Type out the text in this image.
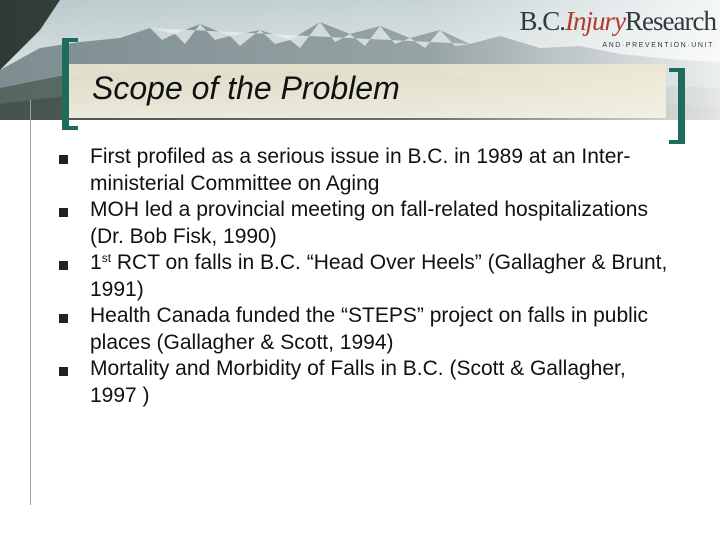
B.C.InjuryResearch
AND·PREVENTION·UNIT
Scope of the Problem
First profiled as a serious issue in B.C. in 1989 at an Inter-ministerial Committee on Aging
MOH led a provincial meeting on fall-related hospitalizations (Dr. Bob Fisk, 1990)
1st RCT on falls in B.C. “Head Over Heels” (Gallagher & Brunt, 1991)
Health Canada funded the “STEPS” project on falls in public places (Gallagher & Scott, 1994)
Mortality and Morbidity of Falls in B.C. (Scott & Gallagher, 1997 )
